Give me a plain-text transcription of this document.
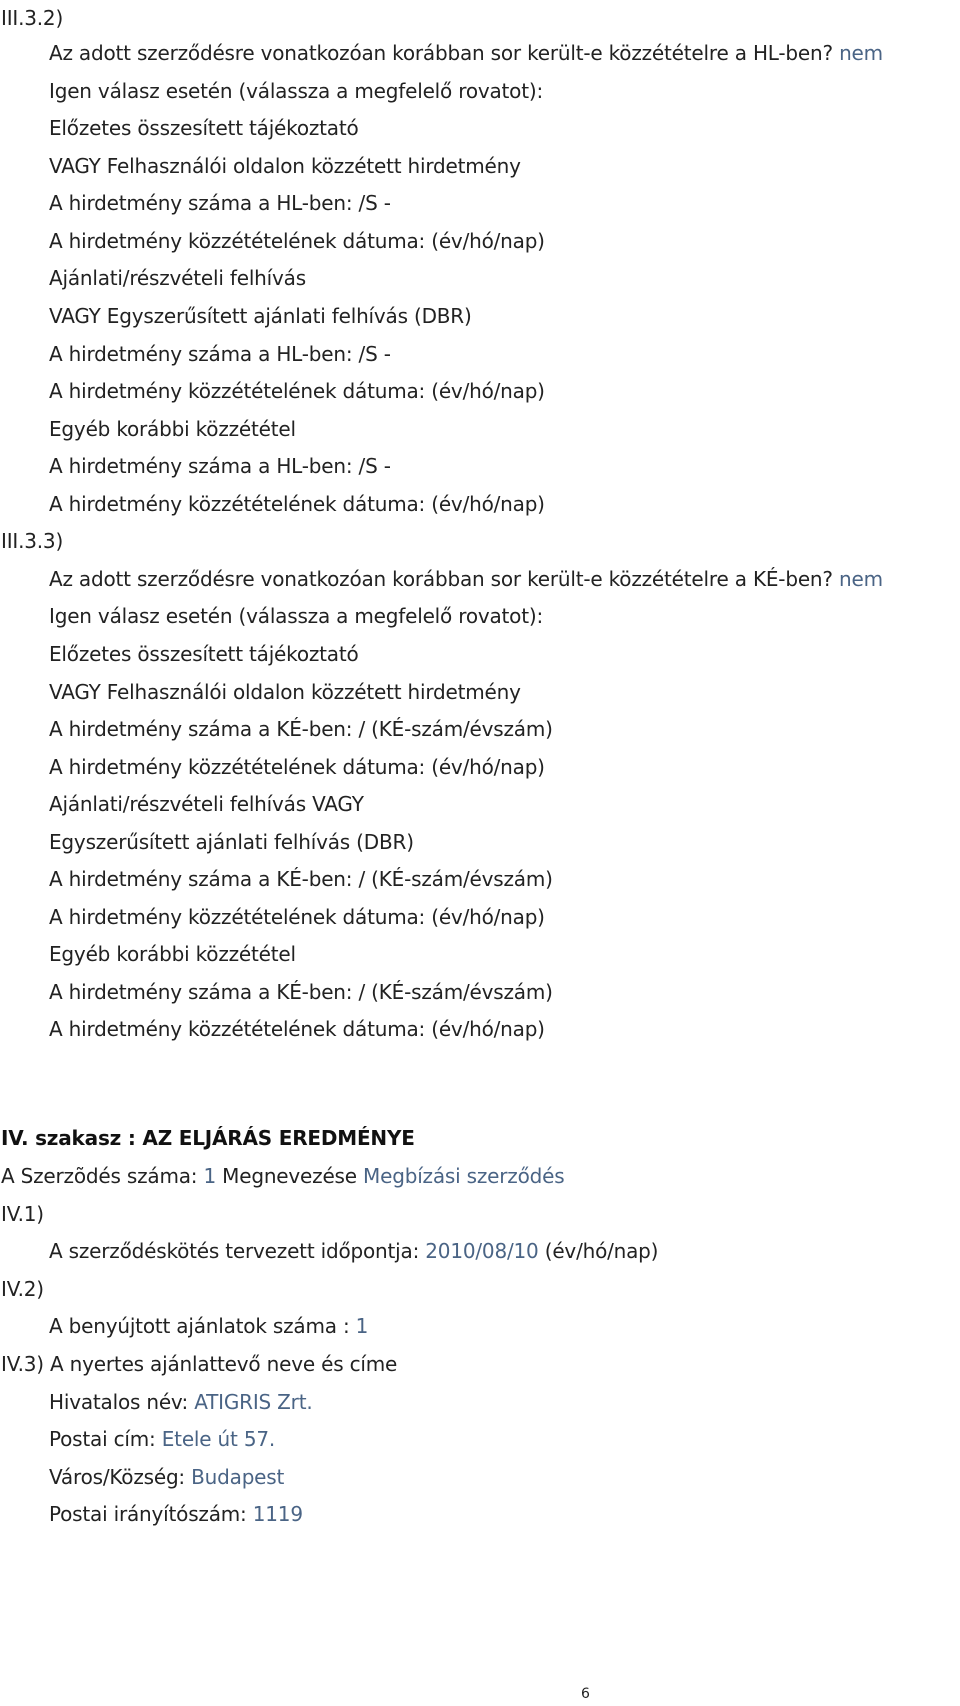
III.3.2)
Az adott szerződésre vonatkozóan korábban sor került-e közzétételre a HL-ben? nem
Igen válasz esetén (válassza a megfelelő rovatot):
Előzetes összesített tájékoztató
VAGY Felhasználói oldalon közzétett hirdetmény
A hirdetmény száma a HL-ben: /S -
A hirdetmény közzétételének dátuma: (év/hó/nap)
Ajánlati/részvételi felhívás
VAGY Egyszerűsített ajánlati felhívás (DBR)
A hirdetmény száma a HL-ben: /S -
A hirdetmény közzétételének dátuma: (év/hó/nap)
Egyéb korábbi közzététel
A hirdetmény száma a HL-ben: /S -
A hirdetmény közzétételének dátuma: (év/hó/nap)
III.3.3)
Az adott szerződésre vonatkozóan korábban sor került-e közzétételre a KÉ-ben? nem
Igen válasz esetén (válassza a megfelelő rovatot):
Előzetes összesített tájékoztató
VAGY Felhasználói oldalon közzétett hirdetmény
A hirdetmény száma a KÉ-ben: / (KÉ-szám/évszám)
A hirdetmény közzétételének dátuma: (év/hó/nap)
Ajánlati/részvételi felhívás VAGY
Egyszerűsített ajánlati felhívás (DBR)
A hirdetmény száma a KÉ-ben: / (KÉ-szám/évszám)
A hirdetmény közzétételének dátuma: (év/hó/nap)
Egyéb korábbi közzététel
A hirdetmény száma a KÉ-ben: / (KÉ-szám/évszám)
A hirdetmény közzétételének dátuma: (év/hó/nap)
IV. szakasz : AZ ELJÁRÁS EREDMÉNYE
A Szerzõdés száma: 1 Megnevezése Megbízási szerződés
IV.1)
A szerződéskötés tervezett időpontja: 2010/08/10 (év/hó/nap)
IV.2)
A benyújtott ajánlatok száma : 1
IV.3) A nyertes ajánlattevő neve és címe
Hivatalos név: ATIGRIS Zrt.
Postai cím: Etele út 57.
Város/Község: Budapest
Postai irányítószám: 1119
6
